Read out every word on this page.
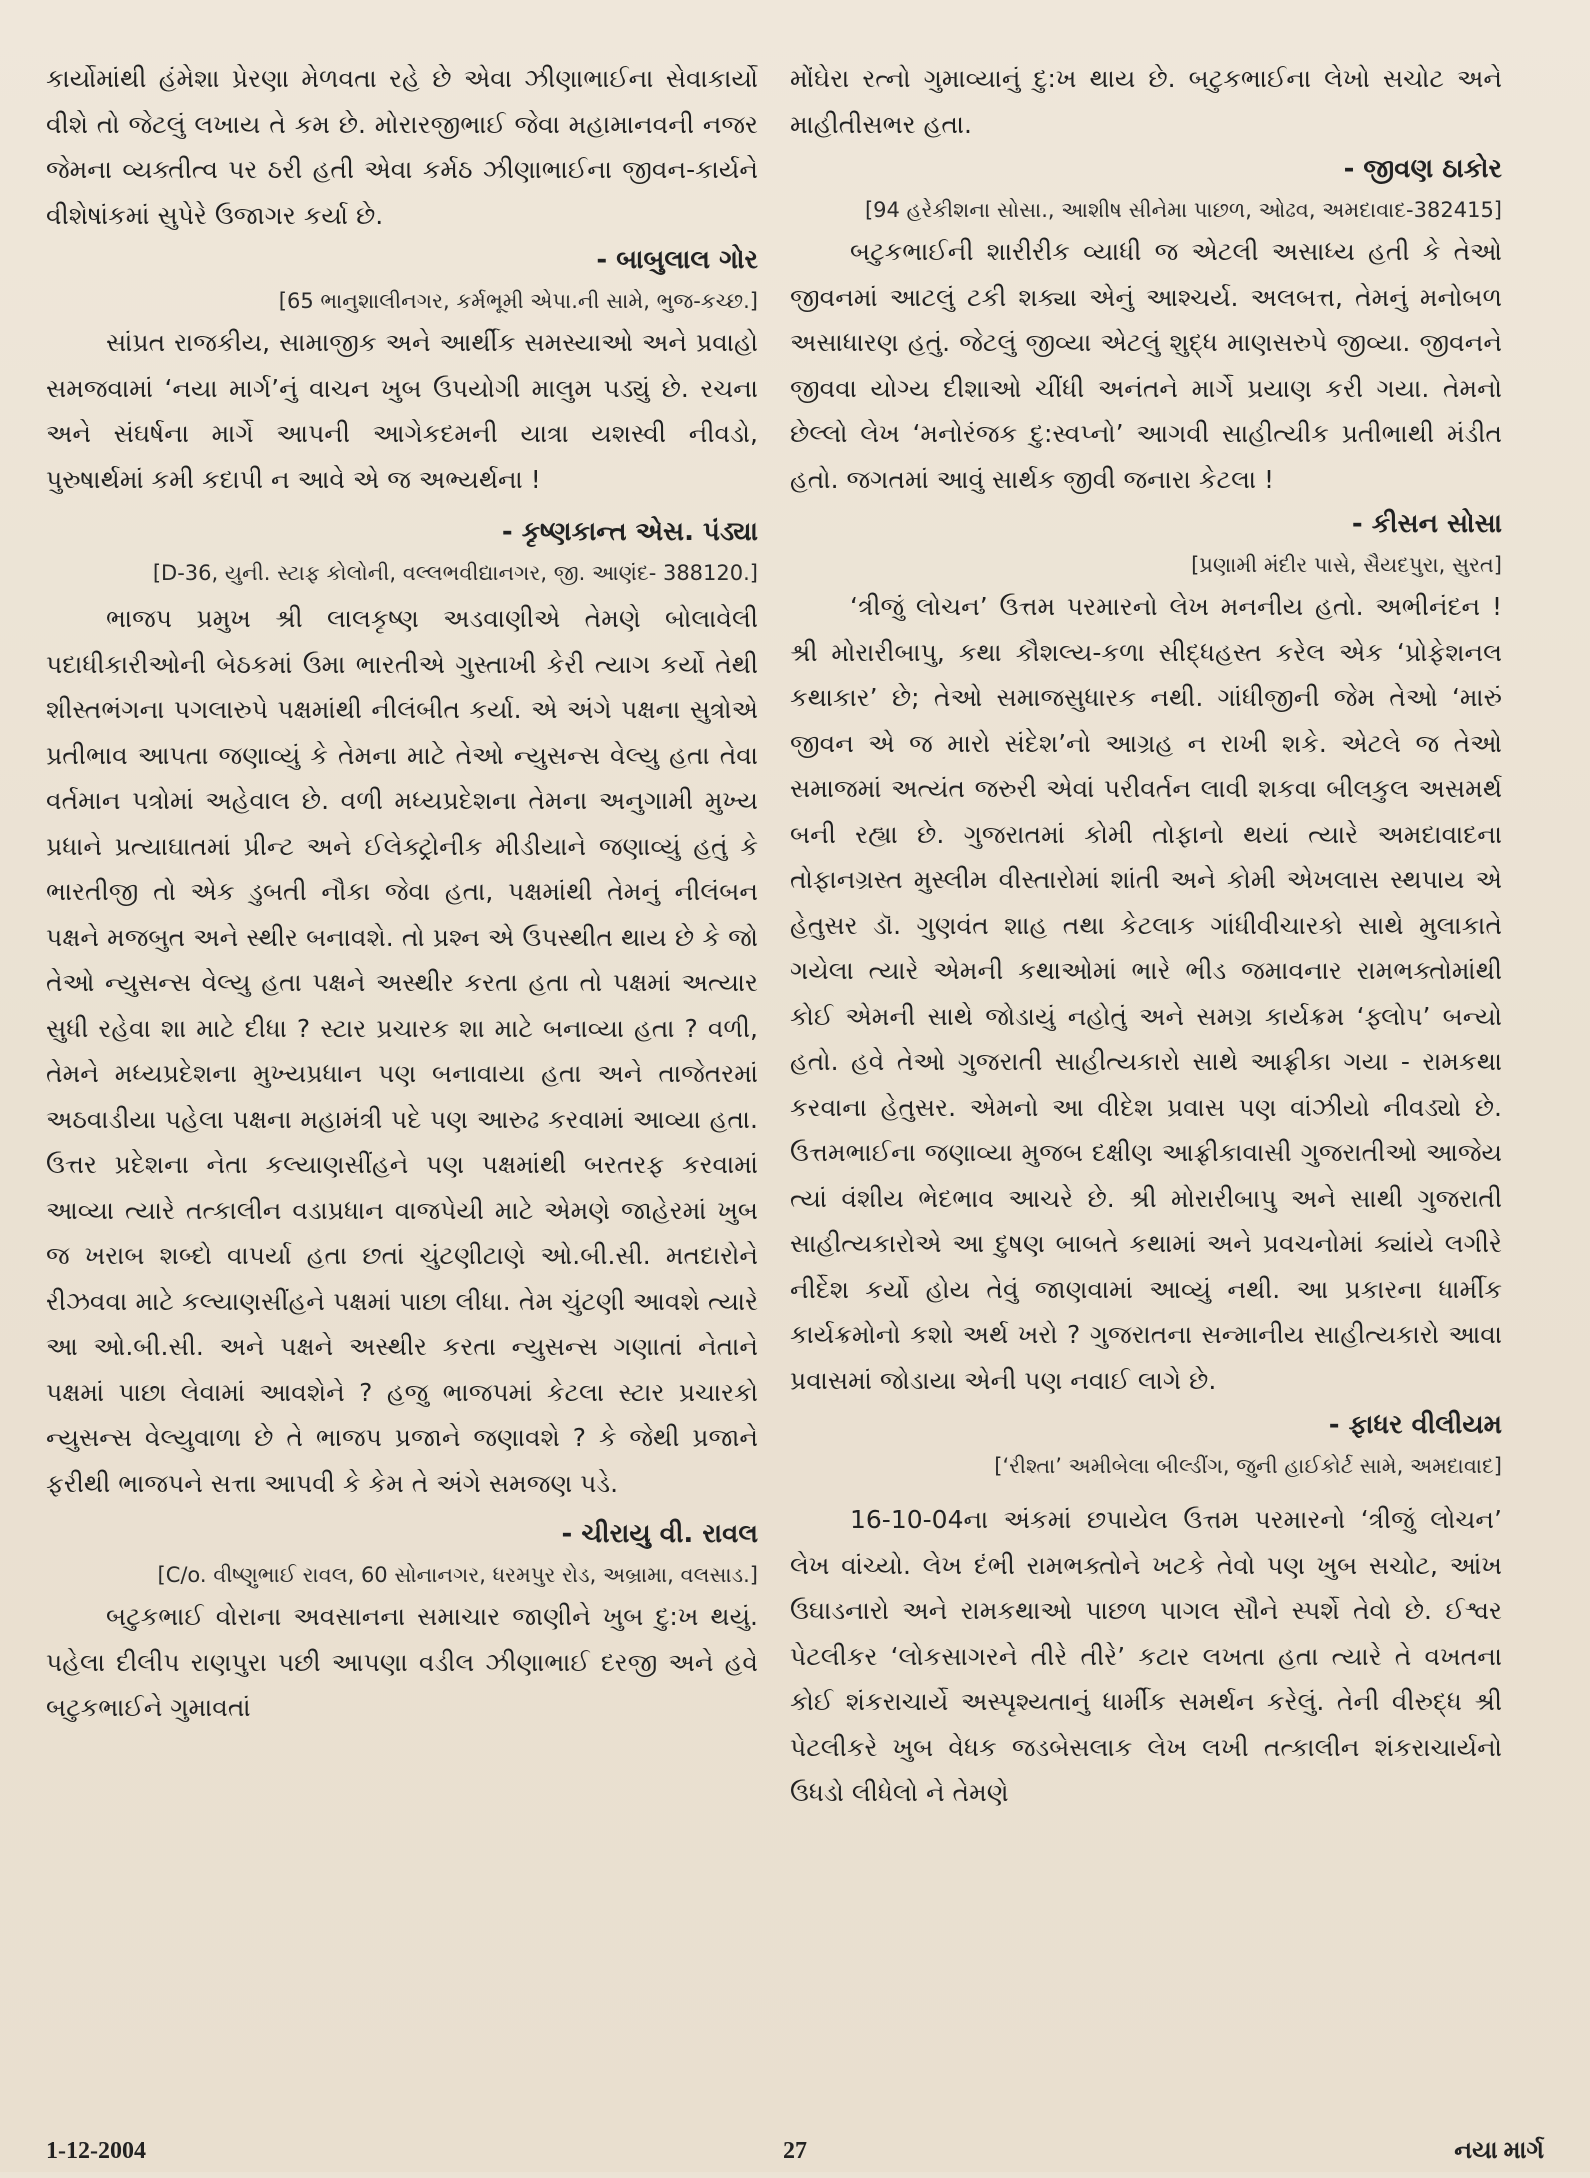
કાર્યોમાંથી હંમેશા પ્રેરણા મેળવતા રહે છે એવા ઝીણાભાઈના સેવાકાર્યો વીશે તો જેટલું લખાય તે કમ છે. મોરારજીભાઈ જેવા મહામાનવની નજર જેમના વ્યક્તીત્વ પર ઠરી હતી એવા કર્મઠ ઝીણાભાઈના જીવન-કાર્યને વીશેષાંકમાં સુપેરે ઉજાગર કર્યા છે.

- બાબુલાલ ગોર

[65 ભાનુશાલીનગર, કર્મભૂમી એપા.ની સામે, ભુજ-કચ્છ.]

સાંપ્રત રાજકીય, સામાજીક અને આર્થીક સમસ્યાઓ અને પ્રવાહો સમજવામાં ‘નયા માર્ગ’નું વાચન ખુબ ઉપયોગી માલુમ પડ્યું છે. રચના અને સંઘર્ષના માર્ગે આપની આગેકદમની યાત્રા યશસ્વી નીવડો, પુરુષાર્થમાં કમી કદાપી ન આવે એ જ અભ્યર્થના !

- કૃષ્ણકાન્ત એસ. પંડ્યા

[D-36, યુની. સ્ટાફ કોલોની, વલ્લભવીદ્યાનગર, જી. આણંદ- 388120.]

ભાજપ પ્રમુખ શ્રી લાલકૃષ્ણ અડવાણીએ તેમણે બોલાવેલી પદાધીકારીઓની બેઠકમાં ઉમા ભારતીએ ગુસ્તાખી કેરી ત્યાગ કર્યો તેથી શીસ્તભંગના પગલારુપે પક્ષમાંથી નીલંબીત કર્યા. એ અંગે પક્ષના સુત્રોએ પ્રતીભાવ આપતા જણાવ્યું કે તેમના માટે તેઓ ન્યુસન્સ વેલ્યુ હતા તેવા વર્તમાન પત્રોમાં અહેવાલ છે. વળી મધ્યપ્રદેશના તેમના અનુગામી મુખ્ય પ્રધાને પ્રત્યાઘાતમાં પ્રીન્ટ અને ઈલેક્ટ્રોનીક મીડીયાને જણાવ્યું હતું કે ભારતીજી તો એક ડુબતી નૌકા જેવા હતા, પક્ષમાંથી તેમનું નીલંબન પક્ષને મજબુત અને સ્થીર બનાવશે. તો પ્રશ્ન એ ઉપસ્થીત થાય છે કે જો તેઓ ન્યુસન્સ વેલ્યુ હતા પક્ષને અસ્થીર કરતા હતા તો પક્ષમાં અત્યાર સુધી રહેવા શા માટે દીધા ? સ્ટાર પ્રચારક શા માટે બનાવ્યા હતા ? વળી, તેમને મધ્યપ્રદેશના મુખ્યપ્રધાન પણ બનાવાયા હતા અને તાજેતરમાં અઠવાડીયા પહેલા પક્ષના મહામંત્રી પદે પણ આરુઢ કરવામાં આવ્યા હતા. ઉત્તર પ્રદેશના નેતા કલ્યાણસીંહને પણ પક્ષમાંથી બરતરફ કરવામાં આવ્યા ત્યારે તત્કાલીન વડાપ્રધાન વાજપેયી માટે એમણે જાહેરમાં ખુબ જ ખરાબ શબ્દો વાપર્યા હતા છતાં ચુંટણીટાણે ઓ.બી.સી. મતદારોને રીઝવવા માટે કલ્યાણસીંહને પક્ષમાં પાછા લીધા. તેમ ચુંટણી આવશે ત્યારે આ ઓ.બી.સી. અને પક્ષને અસ્થીર કરતા ન્યુસન્સ ગણાતાં નેતાને પક્ષમાં પાછા લેવામાં આવશેને ? હજુ ભાજપમાં કેટલા સ્ટાર પ્રચારકો ન્યુસન્સ વેલ્યુવાળા છે તે ભાજપ પ્રજાને જણાવશે ? કે જેથી પ્રજાને ફરીથી ભાજપને સત્તા આપવી કે કેમ તે અંગે સમજણ પડે.

- ચીરાયુ વી. રાવલ

[C/o. વીષ્ણુભાઈ રાવલ, 60 સોનાનગર, ધરમપુર રોડ, અબ્રામા, વલસાડ.]

બટુકભાઈ વોરાના અવસાનના સમાચાર જાણીને ખુબ દુ:ખ થયું. પહેલા દીલીપ રાણપુરા પછી આપણા વડીલ ઝીણાભાઈ દરજી અને હવે બટુકભાઈને ગુમાવતાં

મોંઘેરા રત્નો ગુમાવ્યાનું દુ:ખ થાય છે. બટુકભાઈના લેખો સચોટ અને માહીતીસભર હતા.

- જીવણ ઠાકોર

[94 હરેકીશના સોસા., આશીષ સીનેમા પાછળ, ઓઢવ, અમદાવાદ-382415]

બટુકભાઈની શારીરીક વ્યાધી જ એટલી અસાધ્ય હતી કે તેઓ જીવનમાં આટલું ટકી શક્યા એનું આશ્ચર્ય. અલબત્ત, તેમનું મનોબળ અસાધારણ હતું. જેટલું જીવ્યા એટલું શુદ્ધ માણસરુપે જીવ્યા. જીવનને જીવવા યોગ્ય દીશાઓ ચીંધી અનંતને માર્ગે પ્રયાણ કરી ગયા. તેમનો છેલ્લો લેખ ‘મનોરંજક દુ:સ્વપ્નો’ આગવી સાહીત્યીક પ્રતીભાથી મંડીત હતો. જગતમાં આવું સાર્થક જીવી જનારા કેટલા !

- કીસન સોસા

[પ્રણામી મંદીર પાસે, સૈયદપુરા, સુરત]

‘ત્રીજું લોચન’ ઉત્તમ પરમારનો લેખ મનનીય હતો. અભીનંદન ! શ્રી મોરારીબાપુ, કથા કૌશલ્ય-કળા સીદ્ધહસ્ત કરેલ એક ‘પ્રોફેશનલ કથાકાર’ છે; તેઓ સમાજસુધારક નથી. ગાંધીજીની જેમ તેઓ ‘મારું જીવન એ જ મારો સંદેશ’નો આગ્રહ ન રાખી શકે. એટલે જ તેઓ સમાજમાં અત્યંત જરુરી એવાં પરીવર્તન લાવી શકવા બીલકુલ અસમર્થ બની રહ્યા છે. ગુજરાતમાં કોમી તોફાનો થયાં ત્યારે અમદાવાદના તોફાનગ્રસ્ત મુસ્લીમ વીસ્તારોમાં શાંતી અને કોમી એખલાસ સ્થપાય એ હેતુસર ડૉ. ગુણવંત શાહ તથા કેટલાક ગાંધીવીચારકો સાથે મુલાકાતે ગયેલા ત્યારે એમની કથાઓમાં ભારે ભીડ જમાવનાર રામભક્તોમાંથી કોઈ એમની સાથે જોડાયું નહોતું અને સમગ્ર કાર્યક્રમ ‘ફ્લોપ’ બન્યો હતો. હવે તેઓ ગુજરાતી સાહીત્યકારો સાથે આફ્રીકા ગયા - રામકથા કરવાના હેતુસર. એમનો આ વીદેશ પ્રવાસ પણ વાંઝીયો નીવડ્યો છે. ઉત્તમભાઈના જણાવ્યા મુજબ દક્ષીણ આફ્રીકાવાસી ગુજરાતીઓ આજેય ત્યાં વંશીય ભેદભાવ આચરે છે. શ્રી મોરારીબાપુ અને સાથી ગુજરાતી સાહીત્યકારોએ આ દુષણ બાબતે કથામાં અને પ્રવચનોમાં ક્યાંયે લગીરે નીર્દેશ કર્યો હોય તેવું જાણવામાં આવ્યું નથી. આ પ્રકારના ધાર્મીક કાર્યક્રમોનો કશો અર્થ ખરો ? ગુજરાતના સન્માનીય સાહીત્યકારો આવા પ્રવાસમાં જોડાયા એની પણ નવાઈ લાગે છે.

- ફાધર વીલીયમ

[‘રીશ્તા’ અમીબેલા બીલ્ડીંગ, જુની હાઈકોર્ટ સામે, અમદાવાદ]

16-10-04ના અંકમાં છપાયેલ ઉત્તમ પરમારનો ‘ત્રીજું લોચન’ લેખ વાંચ્યો. લેખ દંભી રામભક્તોને ખટકે તેવો પણ ખુબ સચોટ, આંખ ઉઘાડનારો અને રામકથાઓ પાછળ પાગલ સૌને સ્પર્શે તેવો છે. ઈશ્વર પેટલીકર ‘લોકસાગરને તીરે તીરે’ કટાર લખતા હતા ત્યારે તે વખતના કોઈ શંકરાચાર્યે અસ્પૃશ્યતાનું ધાર્મીક સમર્થન કરેલું. તેની વીરુદ્ધ શ્રી પેટલીકરે ખુબ વેધક જડબેસલાક લેખ લખી તત્કાલીન શંકરાચાર્યનો ઉધડો લીધેલો ને તેમણે

1-12-2004	27	નયા માર્ગ
